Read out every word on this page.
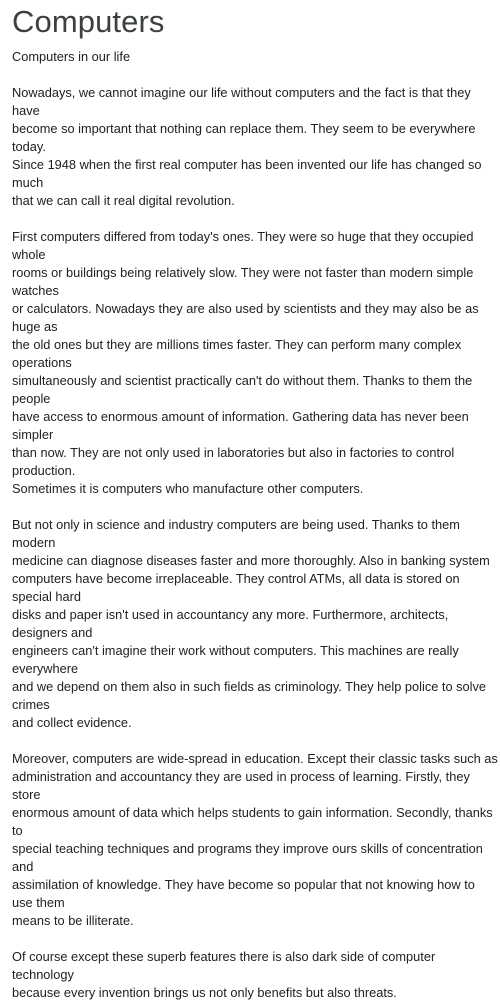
Computers

Computers in our life

Nowadays, we cannot imagine our life without computers and the fact is that they have
become so important that nothing can replace them. They seem to be everywhere today.
Since 1948 when the first real computer has been invented our life has changed so much
that we can call it real digital revolution.

First computers differed from today's ones. They were so huge that they occupied whole
rooms or buildings being relatively slow. They were not faster than modern simple watches
or calculators. Nowadays they are also used by scientists and they may also be as huge as
the old ones but they are millions times faster. They can perform many complex operations
simultaneously and scientist practically can't do without them. Thanks to them the people
have access to enormous amount of information. Gathering data has never been simpler
than now. They are not only used in laboratories but also in factories to control production.
Sometimes it is computers who manufacture other computers.

But not only in science and industry computers are being used. Thanks to them modern
medicine can diagnose diseases faster and more thoroughly. Also in banking system
computers have become irreplaceable. They control ATMs, all data is stored on special hard
disks and paper isn't used in accountancy any more. Furthermore, architects, designers and
engineers can't imagine their work without computers. This machines are really everywhere
and we depend on them also in such fields as criminology. They help police to solve crimes
and collect evidence.

Moreover, computers are wide-spread in education. Except their classic tasks such as
administration and accountancy they are used in process of learning. Firstly, they store
enormous amount of data which helps students to gain information. Secondly, thanks to
special teaching techniques and programs they improve ours skills of concentration and
assimilation of knowledge. They have become so popular that not knowing how to use them
means to be illiterate.

Of course except these superb features there is also dark side of computer technology
because every invention brings us not only benefits but also threats.
